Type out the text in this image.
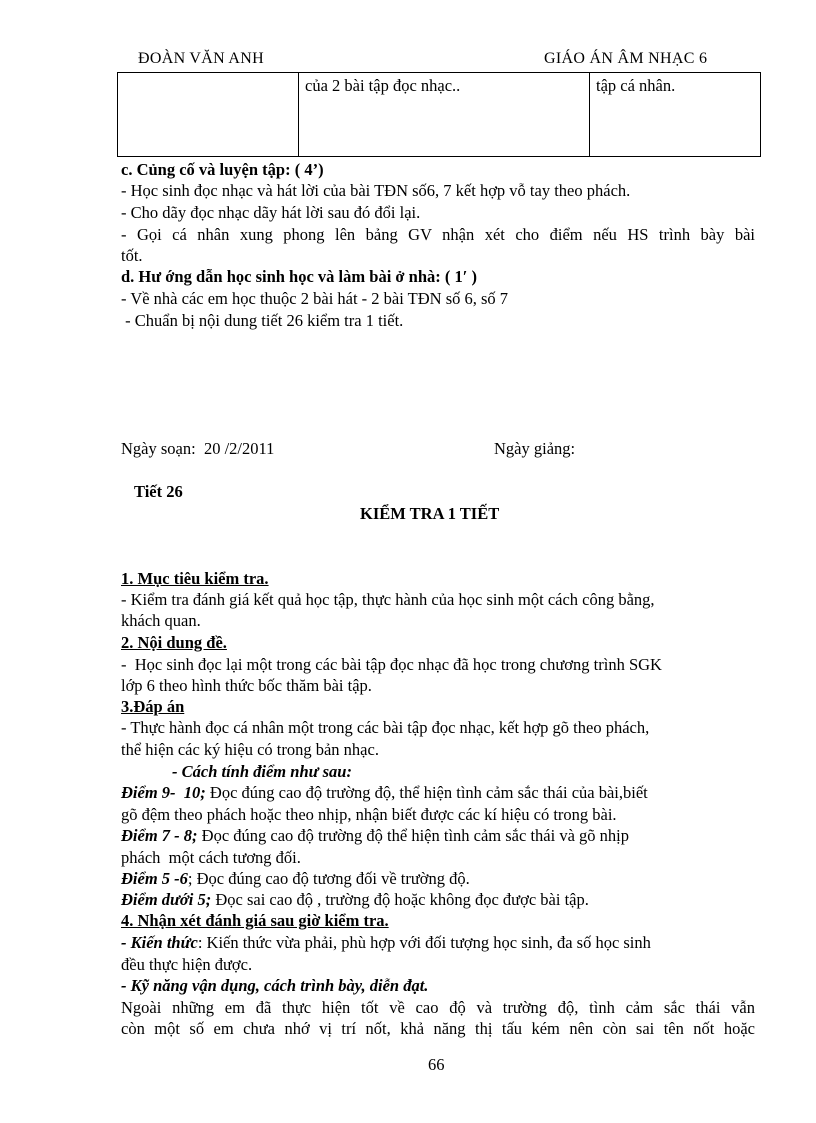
ĐOÀN VĂN ANH	GIÁO ÁN ÂM NHẠC 6
	của 2 bài tập đọc nhạc..	tập cá nhân.
c. Củng cố và luyện tập: ( 4’)
- Học sinh đọc nhạc và hát lời của bài TĐN số6, 7 kết hợp vỗ tay theo phách.
- Cho dãy đọc nhạc dãy hát lời sau đó đổi lại.
- Gọi cá nhân xung phong lên bảng GV nhận xét cho điểm nếu HS trình bày bài
tốt.
d. Hư ớng dẫn học sinh học và làm bài ở nhà: ( 1′ )
- Về nhà các em học thuộc 2 bài hát - 2 bài TĐN số 6, số 7
- Chuẩn bị nội dung tiết 26 kiểm tra 1 tiết.
Ngày soạn:  20 /2/2011	Ngày giảng:
Tiết 26
KIỂM TRA 1 TIẾT
1. Mục tiêu kiểm tra.
- Kiểm tra đánh giá kết quả học tập, thực hành của học sinh một cách công bằng,
khách quan.
2. Nội dung đề.
-  Học sinh đọc lại một trong các bài tập đọc nhạc đã học trong chương trình SGK
lớp 6 theo hình thức bốc thăm bài tập.
3.Đáp án
- Thực hành đọc cá nhân một trong các bài tập đọc nhạc, kết hợp gõ theo phách,
thể hiện các ký hiệu có trong bản nhạc.
- Cách tính điểm như sau:
Điểm 9-  10; Đọc đúng cao độ trường độ, thể hiện tình cảm sắc thái của bài,biết
gõ đệm theo phách hoặc theo nhịp, nhận biết được các kí hiệu có trong bài.
Điểm 7 - 8; Đọc đúng cao độ trường độ thể hiện tình cảm sắc thái và gõ nhịp
phách  một cách tương đối.
Điểm 5 -6; Đọc đúng cao độ tương đối về trường độ.
Điểm dưới 5; Đọc sai cao độ , trường độ hoặc không đọc được bài tập.
4. Nhận xét đánh giá sau giờ kiểm tra.
- Kiến thức: Kiến thức vừa phải, phù hợp với đối tượng học sinh, đa số học sinh
đều thực hiện được.
- Kỹ năng vận dụng, cách trình bày, diễn đạt.
Ngoài những em đã thực hiện tốt về cao độ và trường độ, tình cảm sắc thái vẫn
còn một số em chưa nhớ vị trí nốt, khả năng thị tấu kém nên còn sai tên nốt hoặc
66
